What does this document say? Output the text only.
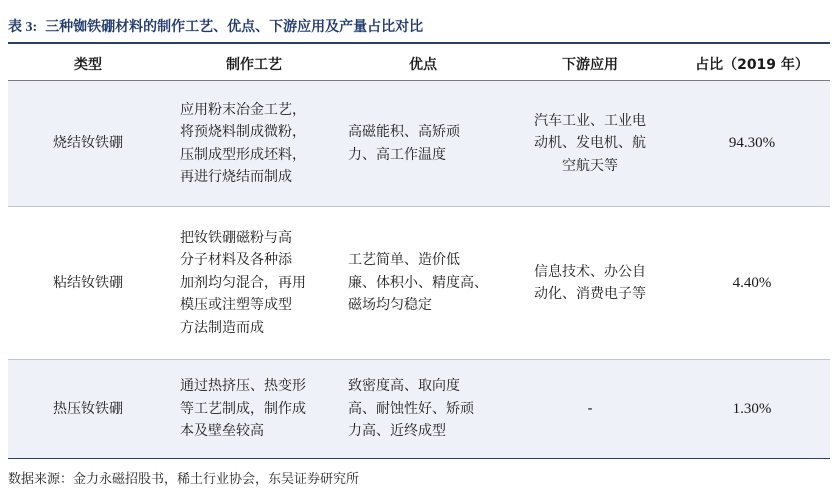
表 3: 三种铷铁硼材料的制作工艺、优点、下游应用及产量占比对比
类型	制作工艺	优点	下游应用	占比（2019 年）
烧结钕铁硼	应用粉末冶金工艺，
将预烧料制成微粉，
压制成型形成坯料，
再进行烧结而制成	高磁能积、高矫顽
力、高工作温度	汽车工业、工业电
动机、发电机、航
空航天等	94.30%
粘结钕铁硼	把钕铁硼磁粉与高
分子材料及各种添
加剂均匀混合，再用
模压或注塑等成型
方法制造而成	工艺简单、造价低
廉、体积小、精度高、
磁场均匀稳定	信息技术、办公自
动化、消费电子等	4.40%
热压钕铁硼	通过热挤压、热变形
等工艺制成，制作成
本及壁垒较高	致密度高、取向度
高、耐蚀性好、矫顽
力高、近终成型	-	1.30%
数据来源：金力永磁招股书，稀土行业协会，东吴证券研究所
